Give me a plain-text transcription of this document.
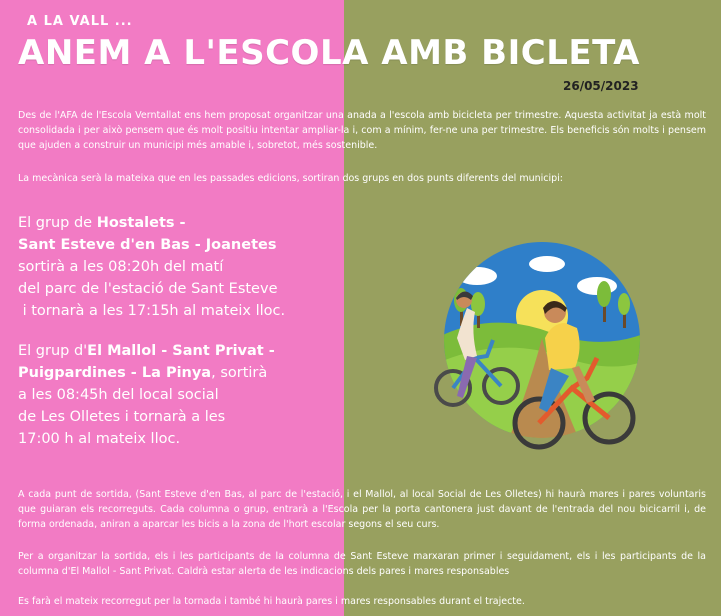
A LA VALL ...
ANEM A L'ESCOLA AMB BICLETA
26/05/2023
Des de l'AFA de l'Escola Verntallat ens hem proposat organitzar una anada a l'escola amb bicicleta per trimestre. Aquesta activitat ja està molt consolidada i per això pensem que és molt positiu intentar ampliar-la i, com a mínim, fer-ne una per trimestre. Els beneficis són molts i pensem que ajuden a construir un municipi més amable i, sobretot, més sostenible.
La mecànica serà la mateixa que en les passades edicions, sortiran dos grups en dos punts diferents del municipi:
El grup de Hostalets -
Sant Esteve d'en Bas - Joanetes
sortirà a les 08:20h del matí
del parc de l'estació de Sant Esteve
i tornarà a les 17:15h al mateix lloc.
El grup d'El Mallol - Sant Privat -
Puigpardines - La Pinya, sortirà
a les 08:45h del local social
de Les Olletes i tornarà a les
17:00 h al mateix lloc.
A cada punt de sortida, (Sant Esteve d'en Bas, al parc de l'estació, i el Mallol, al local Social de Les Olletes) hi haurà mares i pares voluntaris que guiaran els recorreguts. Cada columna o grup, entrarà a l'Escola per la porta cantonera just davant de l'entrada del nou bicicarril i, de forma ordenada, aniran a aparcar les bicis a la zona de l'hort escolar segons el seu curs.
Per a organitzar la sortida, els i les participants de la columna de Sant Esteve marxaran primer i seguidament, els i les participants de la columna d'El Mallol - Sant Privat. Caldrà estar alerta de les indicacions dels pares i mares responsables
Es farà el mateix recorregut per la tornada i també hi haurà pares i mares responsables durant el trajecte.
